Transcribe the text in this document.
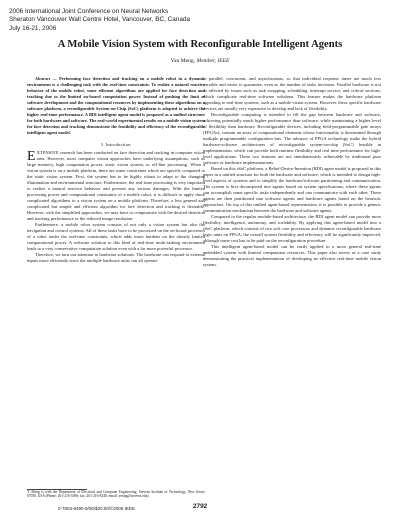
2006 International Joint Conference on Neural Networks
Sheraton Vancouver Wall Centre Hotel, Vancouver, BC, Canada
July 16-21, 2006
A Mobile Vision System with Reconfigurable Intelligent Agents
Yan Meng, Member, IEEE

Abstract — Performing face detection and tracking on a mobile robot in a dynamic environment is a challenging task with the real-time constraints. To realize a natural reactive behavior of the mobile robot, some efficient algorithms are applied for face detection and tracking due to the limited on-board computation power. Instead of pushing the limit of software development and the computational resources by implementing these algorithms on a software platform, a reconfigurable System-on-Chip (SoC) platform is adopted to achieve the higher real-time performance. A BDI intelligent agent model is proposed as a unified structure for both hardware and software. The real-world experimental results on a mobile vision system for face detection and tracking demonstrate the feasibility and efficiency of the reconfigurable intelligent agent model.

I. Introduction

EXTENSIVE research has been conducted on face detection and tracking in computer vision area. However, most computer vision approaches have underlying assumptions, such as large memory, high computation power, static vision system, or off-line processing. When a vision system is on a mobile platform, there are some constraints which are specific compared to the static vision system. First, the system has to be highly robust to adapt to the changing illumination and environmental structure. Furthermore, the real-time processing is very important to realize a natural reactive behavior and prevent any serious damages. With the limited processing power and computational constraints of a mobile robot, it is difficult to apply those complicated algorithms to a vision system on a mobile platform. Therefore, a less general and complicated but simple and efficient algorithm for face detection and tracking is desirable. However, with the simplified approaches, we may have to compromise with the desired detection and tracking performance or the reduced image resolution.

Furthermore, a mobile robot system consists of not only a vision system but also the navigation and control systems. All of these tasks have to be processed on the on-board processor of a robot under the real-time constraints, which adds more burdens on the already limited computational power. A software solution to this kind of real-time multi-tasking environment leads to a very conservative computation solution even with a far more powerful processor.

Therefore, we turn our attention to hardware solutions. The hardware can respond to external inputs more efficiently since the multiple hardware units can all operate

Y. Meng is with the Department of Electrical and Computer Engineering, Stevens Institute of Technology, New Jersey 07030, USA (Phone: 201-216-5496; fax: 201-216-8246; email: yenng@stevens.edu)

in parallel, concurrent, and asynchronous, so that individual response times are much less variable and easier to guarantee, even as the number of tasks increases. Parallel hardware is not so affected by issues such as task swapping, scheduling, interrupt service, and critical sections, which complicate real-time software solutions. This feature makes the hardware platform appealing to real-time systems, such as a mobile vision system. However, these specific hardware devices are usually very expensive to develop and lack of flexibility.

Reconfigurable computing is intended to fill the gap between hardware and software, achieving potentially much higher performance than software, while maintaining a higher level of flexibility than hardware. Reconfigurable devices, including field-programmable gate arrays (FPGAs), contain an array of computational elements whose functionality is determined through multiple programmable configuration bits. The advance of FPGA technology make the hybrid hardware-software architectures of reconfigurable system-on-chip (SoC) feasible in implementation, which can provide both runtime flexibility and real time performance for high-level applications. These two features are not simultaneously achievable by traditional pure software or hardware implementations.

Based on this rSoC platform, a Belief-Desire-Intention (BDI) agent model is proposed in this paper in a unified structure for both the hardware and software, which is intended to design high-level aspects of systems and to simplify the hardware/software partitioning and communication. The system is first decomposed into agents based on system specifications, where these agents can accomplish some specific tasks independently and can communicate with each other. These agents are then partitioned into software agents and hardware agents based on the heuristic approaches. On top of this unified agent-based representation, it is possible to provide a generic communication mechanism between the hardware and software agents.

Compared to the regular module-based architecture, the BDI agent model can provide more flexibility, intelligence, autonomy, and scalability. By applying this agent-based model into a rSoC platform, which consists of two soft core processors and dynamic reconfigurable hardware logic units on FPGA, the overall system flexibility and efficiency will be significantly improved, although some cost has to be paid on the reconfiguration procedure.

This intelligent agent-based model can be easily applied to a more general real-time embedded system with limited computation resources. This paper also serves as a case study demonstrating the practical implementation of developing an effective real-time mobile vision system.

0-7803-9490-9/06/$20.00/©2006 IEEE	2792
